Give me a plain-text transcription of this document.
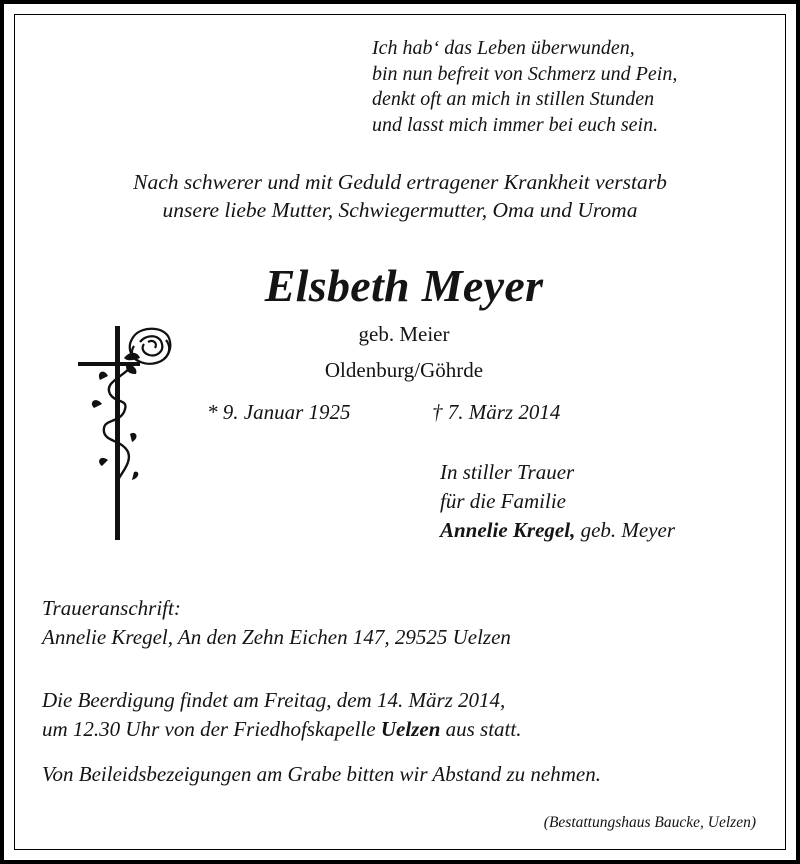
Ich hab‘ das Leben überwunden,
bin nun befreit von Schmerz und Pein,
denkt oft an mich in stillen Stunden
und lasst mich immer bei euch sein.
Nach schwerer und mit Geduld ertragener Krankheit verstarb
unsere liebe Mutter, Schwiegermutter, Oma und Uroma
Elsbeth Meyer
geb. Meier
Oldenburg/Göhrde
* 9. Januar 1925	† 7. März 2014
In stiller Trauer
für die Familie
Annelie Kregel, geb. Meyer
Traueranschrift:
Annelie Kregel, An den Zehn Eichen 147, 29525 Uelzen
Die Beerdigung findet am Freitag, dem 14. März 2014,
um 12.30 Uhr von der Friedhofskapelle Uelzen aus statt.
Von Beileidsbezeigungen am Grabe bitten wir Abstand zu nehmen.
(Bestattungshaus Baucke, Uelzen)
